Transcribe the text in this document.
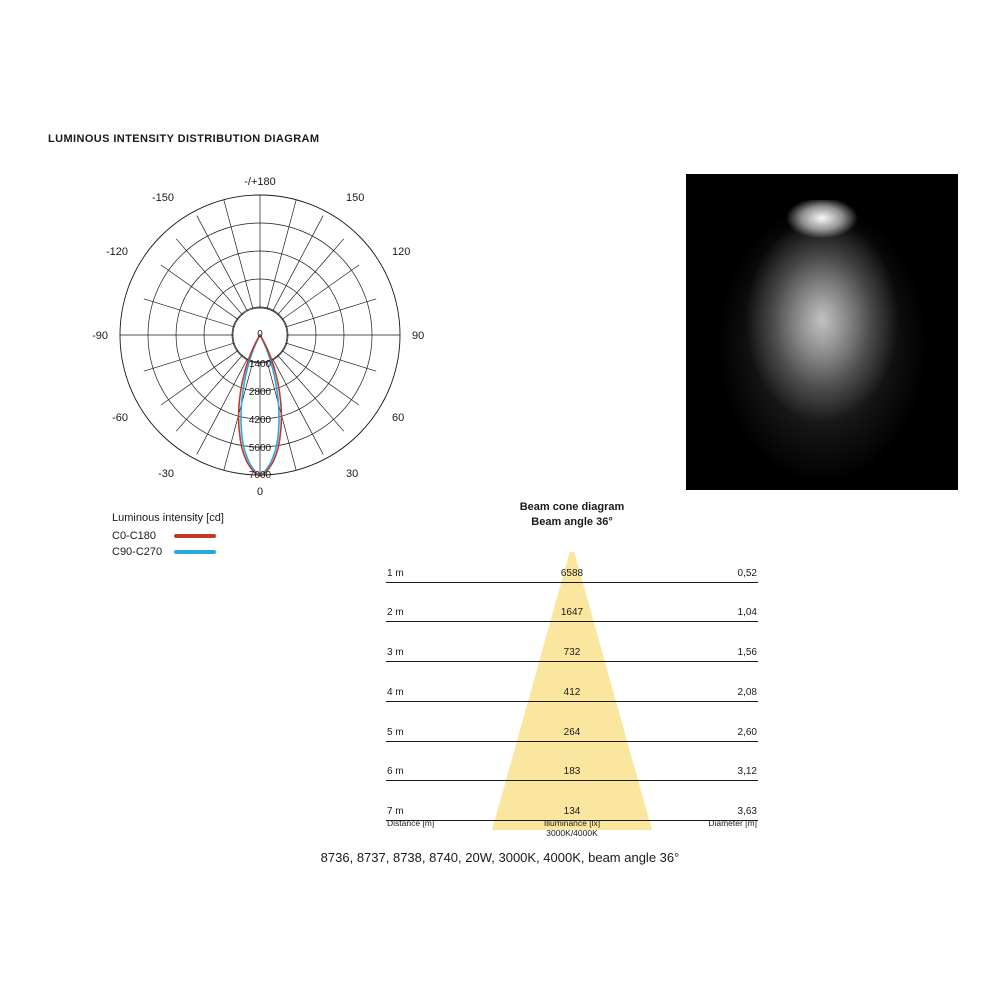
LUMINOUS INTENSITY DISTRIBUTION DIAGRAM
-/+180
150
120
90
60
30
0
-30
-60
-90
-120
-150
0
1400
2800
4200
5600
7000
Luminous intensity [cd]
C0-C180
C90-C270
Beam cone diagram
Beam angle 36°
1 m	6588	0,52
2 m	1647	1,04
3 m	732	1,56
4 m	412	2,08
5 m	264	2,60
6 m	183	3,12
7 m	134	3,63
Distance [m]	Illuminance [lx]
3000K/4000K
Diameter [m]
8736, 8737, 8738, 8740, 20W, 3000K, 4000K, beam angle 36°
